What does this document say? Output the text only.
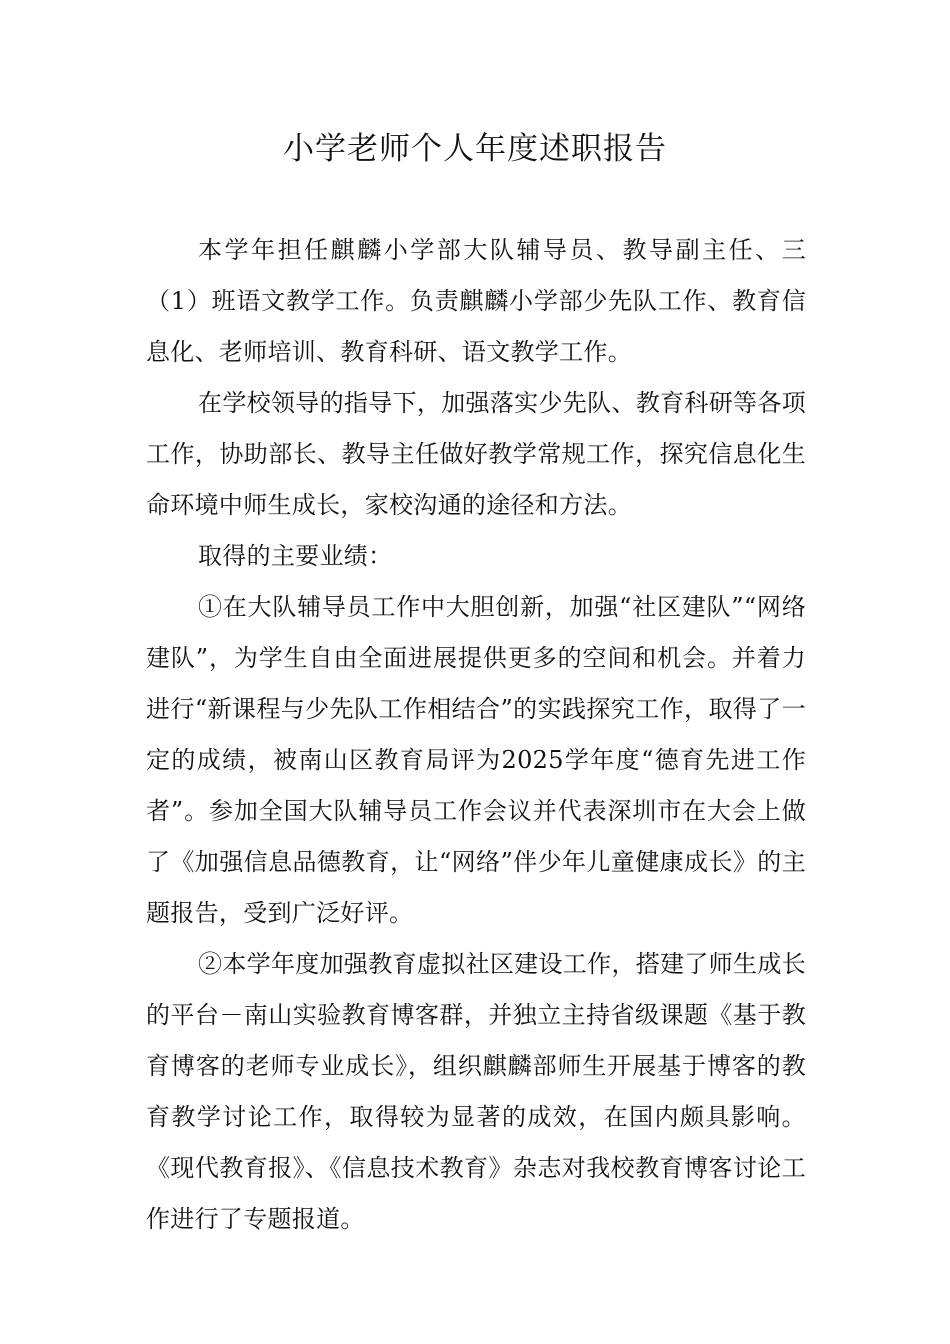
小学老师个人年度述职报告

本学年担任麒麟小学部大队辅导员、教导副主任、三（1）班语文教学工作。负责麒麟小学部少先队工作、教育信息化、老师培训、教育科研、语文教学工作。

在学校领导的指导下，加强落实少先队、教育科研等各项工作，协助部长、教导主任做好教学常规工作，探究信息化生命环境中师生成长，家校沟通的途径和方法。

取得的主要业绩：

①在大队辅导员工作中大胆创新，加强“社区建队”“网络建队”，为学生自由全面进展提供更多的空间和机会。并着力进行“新课程与少先队工作相结合”的实践探究工作，取得了一定的成绩，被南山区教育局评为2025学年度“德育先进工作者”。参加全国大队辅导员工作会议并代表深圳市在大会上做了《加强信息品德教育，让“网络”伴少年儿童健康成长》的主题报告，受到广泛好评。

②本学年度加强教育虚拟社区建设工作，搭建了师生成长的平台－南山实验教育博客群，并独立主持省级课题《基于教育博客的老师专业成长》，组织麒麟部师生开展基于博客的教育教学讨论工作，取得较为显著的成效，在国内颇具影响。《现代教育报》、《信息技术教育》杂志对我校教育博客讨论工作进行了专题报道。
